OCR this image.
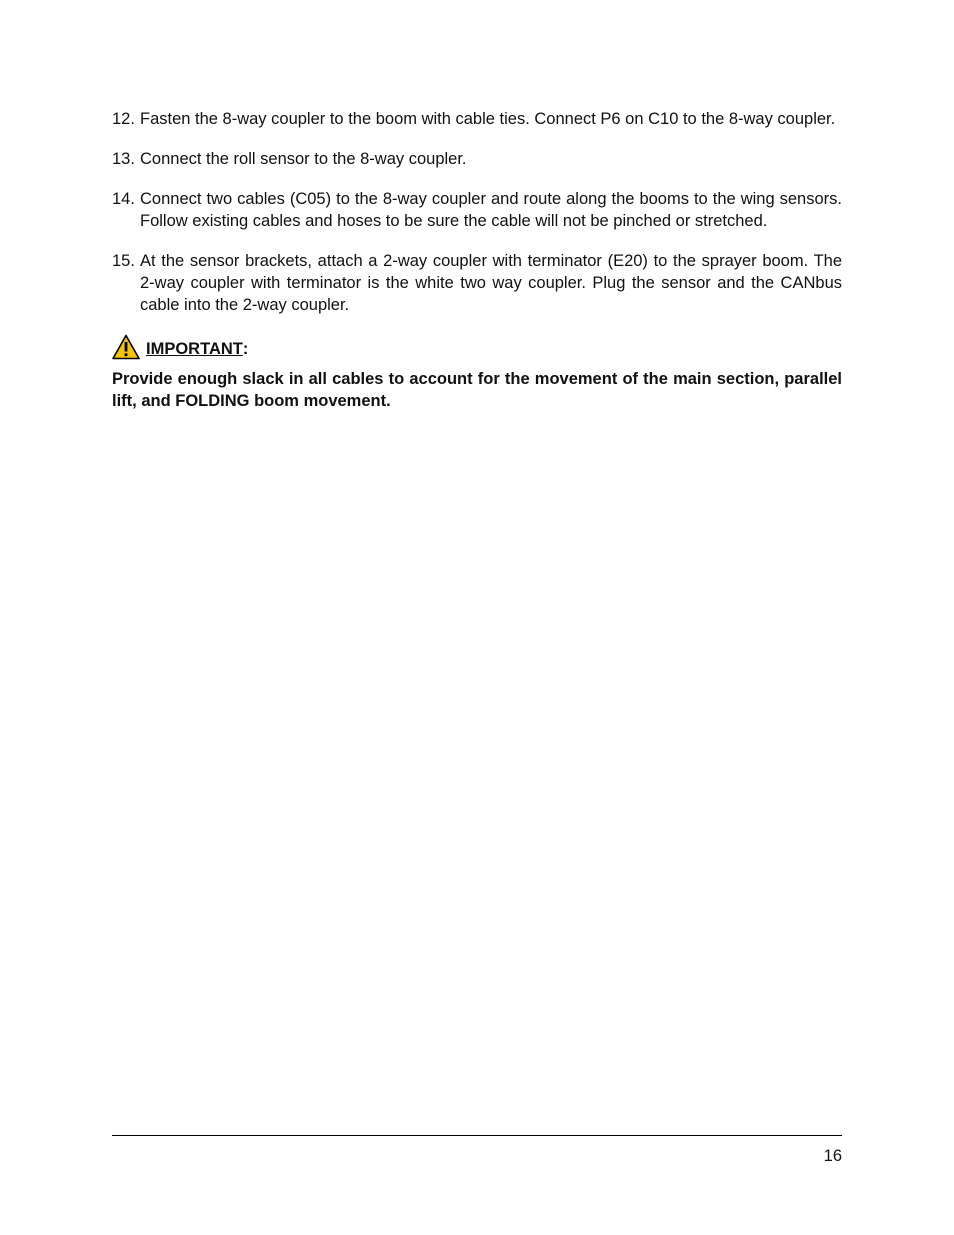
12. Fasten the 8-way coupler to the boom with cable ties. Connect P6 on C10 to the 8-way coupler.
13. Connect the roll sensor to the 8-way coupler.
14. Connect two cables (C05) to the 8-way coupler and route along the booms to the wing sensors. Follow existing cables and hoses to be sure the cable will not be pinched or stretched.
15. At the sensor brackets, attach a 2-way coupler with terminator (E20) to the sprayer boom. The 2-way coupler with terminator is the white two way coupler. Plug the sensor and the CANbus cable into the 2-way coupler.
IMPORTANT :
Provide enough slack in all cables to account for the movement of the main section, parallel lift, and FOLDING boom movement.
16
